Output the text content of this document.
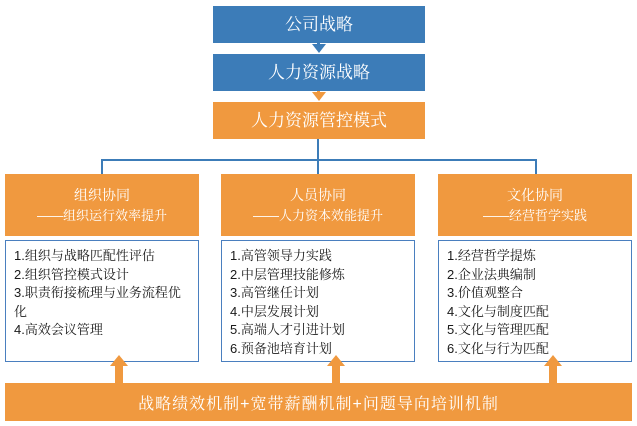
公司战略
人力资源战略
人力资源管控模式
组织协同
——组织运行效率提升
1.组织与战略匹配性评估
2.组织管控模式设计
3.职责衔接梳理与业务流程优化
4.高效会议管理
人员协同
——人力资本效能提升
1.高管领导力实践
2.中层管理技能修炼
3.高管继任计划
4.中层发展计划
5.高端人才引进计划
6.预备池培育计划
文化协同
——经营哲学实践
1.经营哲学提炼
2.企业法典编制
3.价值观整合
4.文化与制度匹配
5.文化与管理匹配
6.文化与行为匹配
战略绩效机制+宽带薪酬机制+问题导向培训机制
